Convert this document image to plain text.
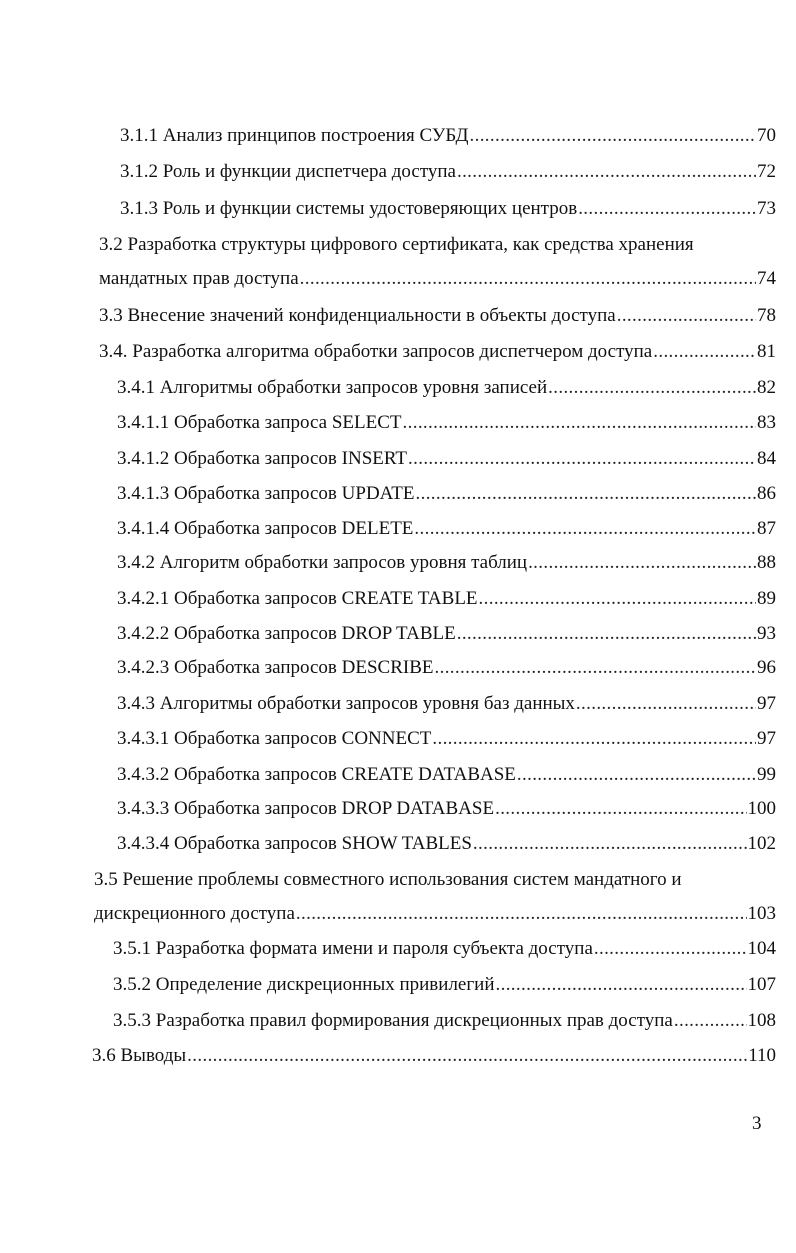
3.1.1 Анализ принципов построения СУБД . . .	70
3.1.2 Роль и функции диспетчера доступа . . .	72
3.1.3 Роль и функции системы удостоверяющих центров . . .	73
3.2 Разработка структуры цифрового сертификата, как средства хранения
мандатных прав доступа . . .	74
3.3 Внесение значений конфиденциальности в объекты доступа . . .	78
3.4. Разработка алгоритма обработки запросов диспетчером доступа . . .	81
3.4.1 Алгоритмы обработки запросов уровня записей . . .	82
3.4.1.1 Обработка запроса SELECT . . .	83
3.4.1.2 Обработка запросов INSERT . . .	84
3.4.1.3 Обработка запросов UPDATE . . .	86
3.4.1.4 Обработка запросов DELETE . . .	87
3.4.2 Алгоритм обработки запросов уровня таблиц . . .	88
3.4.2.1 Обработка запросов CREATE TABLE . . .	89
3.4.2.2 Обработка запросов DROP TABLE . . .	93
3.4.2.3 Обработка запросов DESCRIBE . . .	96
3.4.3 Алгоритмы обработки запросов уровня баз данных . . .	97
3.4.3.1 Обработка запросов CONNECT . . .	97
3.4.3.2 Обработка запросов CREATE DATABASE . . .	99
3.4.3.3 Обработка запросов DROP DATABASE . . .	100
3.4.3.4 Обработка запросов SHOW TABLES . . .	102
3.5 Решение проблемы совместного использования систем мандатного и
дискреционного доступа . . .	103
3.5.1 Разработка формата имени и пароля субъекта доступа . . .	104
3.5.2 Определение дискреционных привилегий . . .	107
3.5.3 Разработка правил формирования дискреционных прав доступа . . .	108
3.6 Выводы . . .	110
3
